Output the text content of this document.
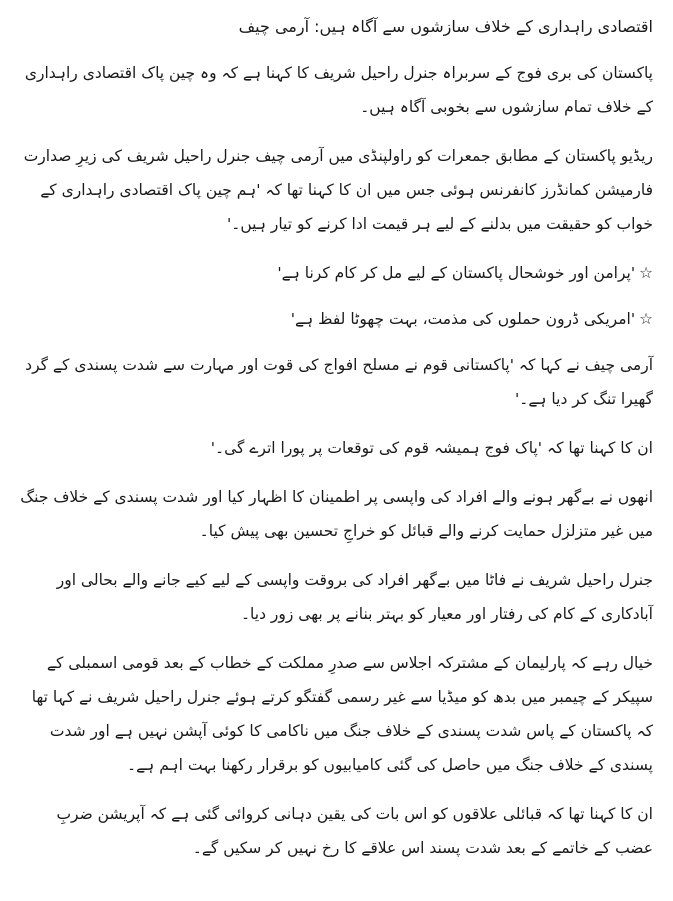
اقتصادی راہداری کے خلاف سازشوں سے آگاہ ہیں: آرمی چیف
پاکستان کی بری فوج کے سربراہ جنرل راحیل شریف کا کہنا ہے کہ وہ چین پاک اقتصادی راہداری کے خلاف تمام سازشوں سے بخوبی آگاہ ہیں۔
ریڈیو پاکستان کے مطابق جمعرات کو راولپنڈی میں آرمی چیف جنرل راحیل شریف کی زیرِ صدارت فارمیشن کمانڈرز کانفرنس ہوئی جس میں ان کا کہنا تھا کہ 'ہم چین پاک اقتصادی راہداری کے خواب کو حقیقت میں بدلنے کے لیے ہر قیمت ادا کرنے کو تیار ہیں۔'
☆'پرامن اور خوشحال پاکستان کے لیے مل کر کام کرنا ہے'
☆'امریکی ڈرون حملوں کی مذمت، بہت چھوٹا لفظ ہے'
آرمی چیف نے کہا کہ 'پاکستانی قوم نے مسلح افواج کی قوت اور مہارت سے شدت پسندی کے گرد گھیرا تنگ کر دیا ہے۔'
ان کا کہنا تھا کہ 'پاک فوج ہمیشہ قوم کی توقعات پر پورا اترے گی۔'
انھوں نے بےگھر ہونے والے افراد کی واپسی پر اطمینان کا اظہار کیا اور شدت پسندی کے خلاف جنگ میں غیر متزلزل حمایت کرنے والے قبائل کو خراجِ تحسین بھی پیش کیا۔
جنرل راحیل شریف نے فاٹا میں بےگھر افراد کی بروقت واپسی کے لیے کیے جانے والے بحالی اور آبادکاری کے کام کی رفتار اور معیار کو بہتر بنانے پر بھی زور دیا۔
خیال رہے کہ پارلیمان کے مشترکہ اجلاس سے صدرِ مملکت کے خطاب کے بعد قومی اسمبلی کے سپیکر کے چیمبر میں بدھ کو میڈیا سے غیر رسمی گفتگو کرتے ہوئے جنرل راحیل شریف نے کہا تھا کہ پاکستان کے پاس شدت پسندی کے خلاف جنگ میں ناکامی کا کوئی آپشن نہیں ہے اور شدت پسندی کے خلاف جنگ میں حاصل کی گئی کامیابیوں کو برقرار رکھنا بہت اہم ہے۔
ان کا کہنا تھا کہ قبائلی علاقوں کو اس بات کی یقین دہانی کروائی گئی ہے کہ آپریشن ضربِ عضب کے خاتمے کے بعد شدت پسند اس علاقے کا رخ نہیں کر سکیں گے۔
